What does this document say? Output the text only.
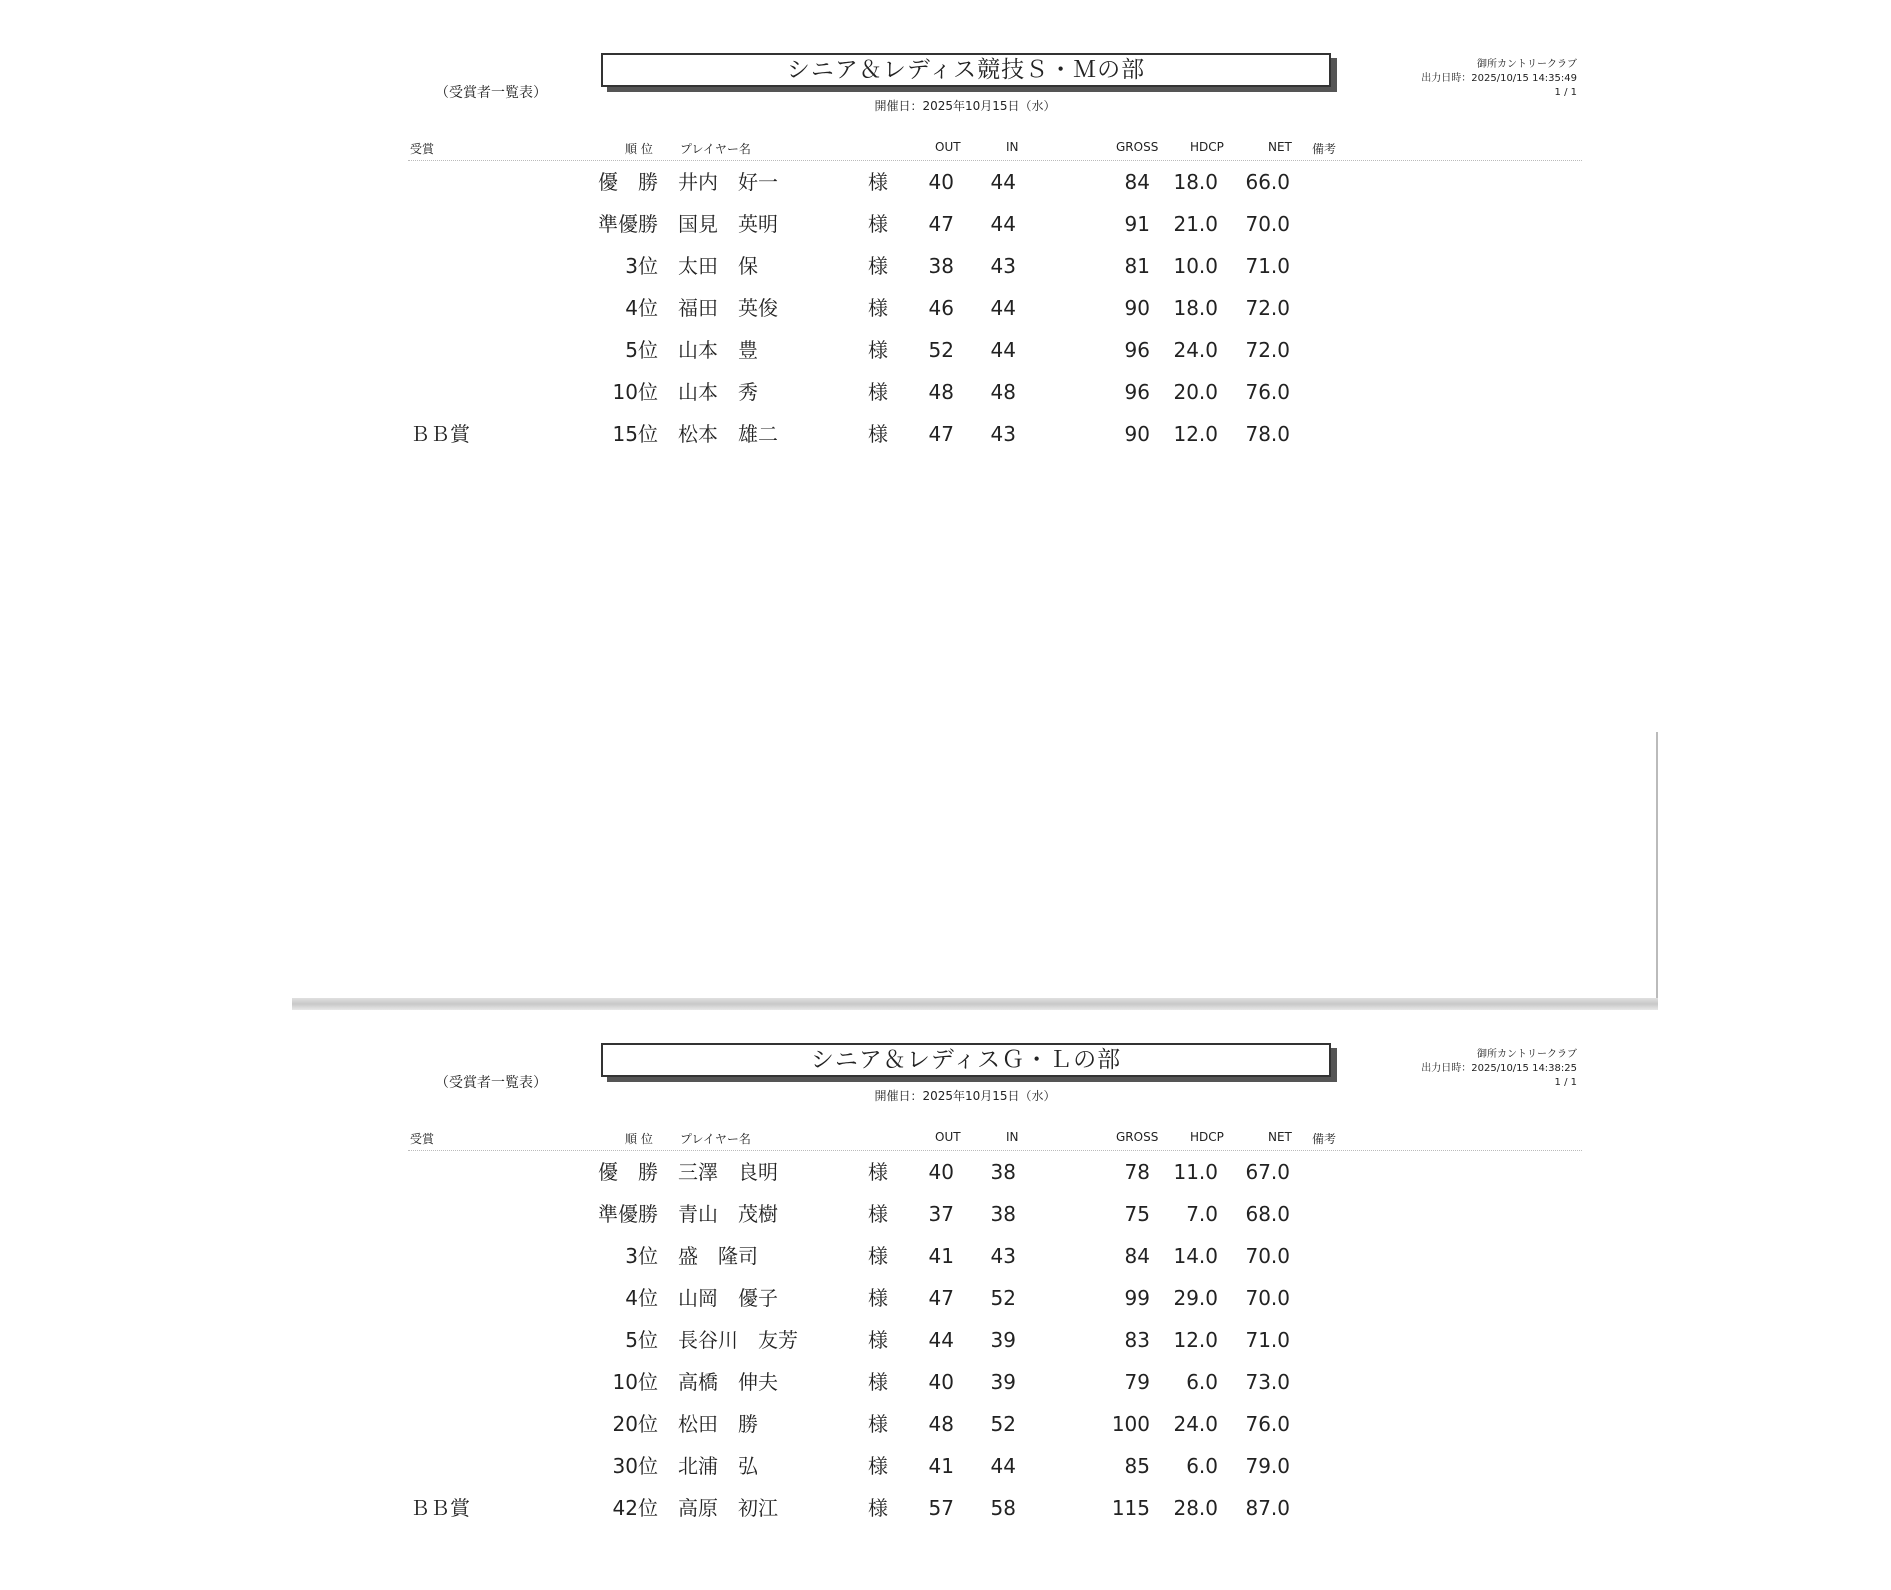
シニア＆レディス競技Ｓ・Ｍの部
（受賞者一覧表）
開催日：2025年10月15日（水）
御所カントリークラブ
出力日時：2025/10/15 14:35:49
1 / 1
受賞	順 位 プレイヤー名	OUT	IN	GROSS	HDCP	NET 備考
優　勝 井内　好一	様 40 44	84 18.0 66.0
準優勝 国見　英明	様 47 44	91 21.0 70.0
3位 太田　保	様 38 43	81 10.0 71.0
4位 福田　英俊	様 46 44	90 18.0 72.0
5位 山本　豊	様 52 44	96 24.0 72.0
10位 山本　秀	様 48 48	96 20.0 76.0
ＢＢ賞	15位 松本　雄二	様 47 43	90 12.0 78.0
シニア＆レディスＧ・Ｌの部
（受賞者一覧表）
開催日：2025年10月15日（水）
御所カントリークラブ
出力日時：2025/10/15 14:38:25
1 / 1
受賞	順 位 プレイヤー名	OUT	IN	GROSS	HDCP	NET 備考
優　勝 三澤　良明	様 40 38	78 11.0 67.0
準優勝 青山　茂樹	様 37 38	75	7.0 68.0
3位 盛　隆司	様 41 43	84 14.0 70.0
4位 山岡　優子	様 47 52	99 29.0 70.0
5位 長谷川　友芳	様 44 39	83 12.0 71.0
10位 高橋　伸夫	様 40 39	79	6.0 73.0
20位 松田　勝	様 48 52	100 24.0 76.0
30位 北浦　弘	様 41 44	85	6.0 79.0
ＢＢ賞	42位 高原　初江	様 57 58	115 28.0 87.0
